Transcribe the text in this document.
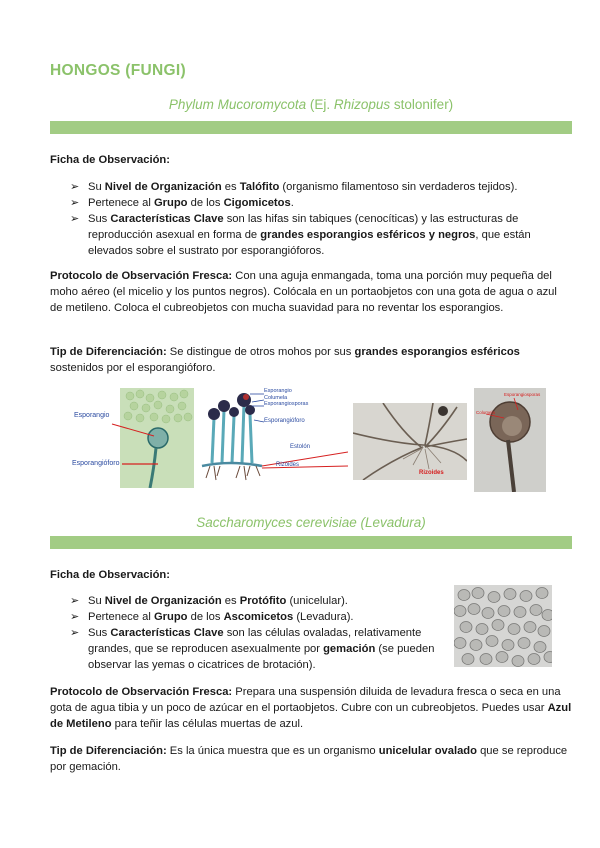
HONGOS (FUNGI)
Phylum Mucoromycota (Ej. Rhizopus stolonifer)
Ficha de Observación:
➢ Su Nivel de Organización es Talófito (organismo filamentoso sin verdaderos tejidos).
➢ Pertenece al Grupo de los Cigomicetos.
➢ Sus Características Clave son las hifas sin tabiques (cenocíticas) y las estructuras de reproducción asexual en forma de grandes esporangios esféricos y negros, que están elevados sobre el sustrato por esporangióforos.
Protocolo de Observación Fresca: Con una aguja enmangada, toma una porción muy pequeña del moho aéreo (el micelio y los puntos negros). Colócala en un portaobjetos con una gota de agua o azul de metileno. Coloca el cubreobjetos con mucha suavidad para no reventar los esporangios.
Tip de Diferenciación: Se distingue de otros mohos por sus grandes esporangios esféricos sostenidos por el esporangióforo.
Esporangio
Esporangióforo
Esporangio
Columela
Esporangiosporas
Esporangióforo
Estolón
Rizoides
Rizoides
Esporangiosporas
Columela
Saccharomyces cerevisiae (Levadura)
Ficha de Observación:
➢ Su Nivel de Organización es Protófito (unicelular).
➢ Pertenece al Grupo de los Ascomicetos (Levadura).
➢ Sus Características Clave son las células ovaladas, relativamente grandes, que se reproducen asexualmente por gemación (se pueden observar las yemas o cicatrices de brotación).
Protocolo de Observación Fresca: Prepara una suspensión diluida de levadura fresca o seca en una gota de agua tibia y un poco de azúcar en el portaobjetos. Cubre con un cubreobjetos. Puedes usar Azul de Metileno para teñir las células muertas de azul.
Tip de Diferenciación: Es la única muestra que es un organismo unicelular ovalado que se reproduce por gemación.
